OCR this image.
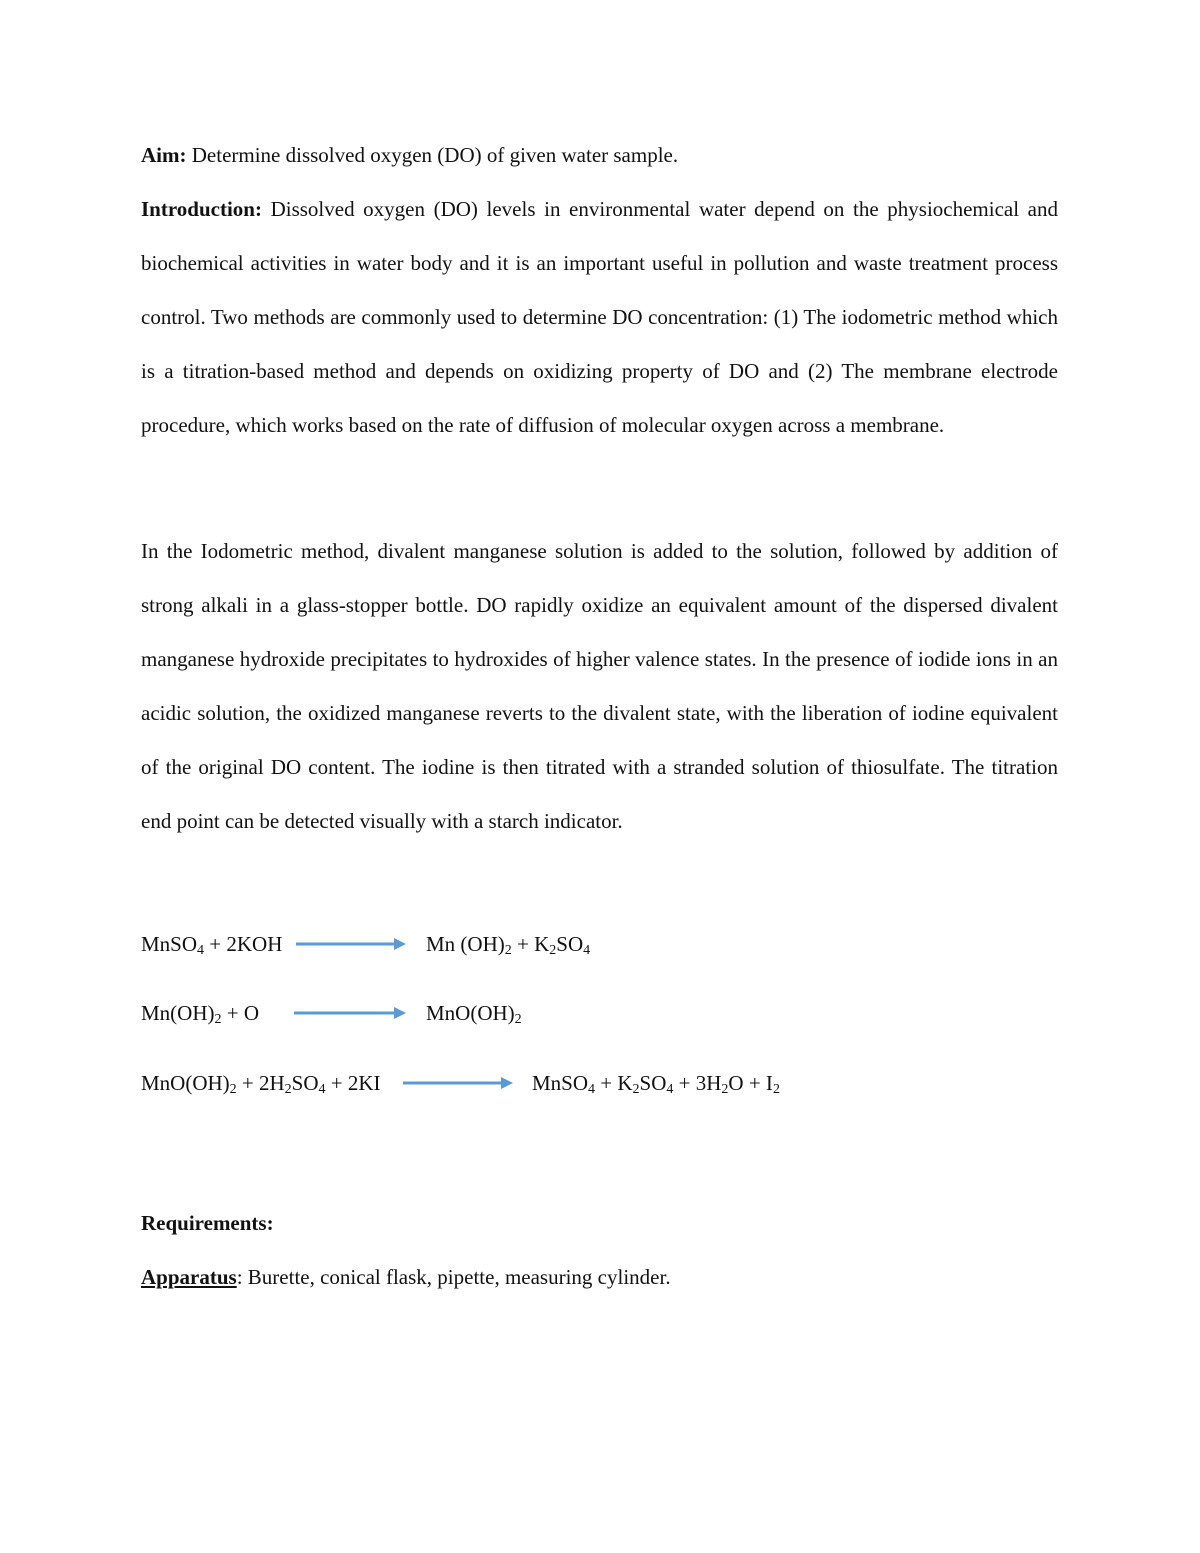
Aim: Determine dissolved oxygen (DO) of given water sample.

Introduction: Dissolved oxygen (DO) levels in environmental water depend on the physiochemical and biochemical activities in water body and it is an important useful in pollution and waste treatment process control. Two methods are commonly used to determine DO concentration: (1) The iodometric method which is a titration-based method and depends on oxidizing property of DO and (2) The membrane electrode procedure, which works based on the rate of diffusion of molecular oxygen across a membrane.

In the Iodometric method, divalent manganese solution is added to the solution, followed by addition of strong alkali in a glass-stopper bottle. DO rapidly oxidize an equivalent amount of the dispersed divalent manganese hydroxide precipitates to hydroxides of higher valence states. In the presence of iodide ions in an acidic solution, the oxidized manganese reverts to the divalent state, with the liberation of iodine equivalent of the original DO content. The iodine is then titrated with a stranded solution of thiosulfate. The titration end point can be detected visually with a starch indicator.

MnSO$_4$ + 2KOH	Mn $(OH)_2 + K_2SO_4$
$Mn(OH)_2 + O$	$MnO(OH)_2$
$MnO(OH)_2 + 2H_2SO_4 + 2KI$	MnSO$_4$ + $K_2SO_4 + 3H_2O + I_2$
Requirements:
Apparatus: Burette, conical flask, pipette, measuring cylinder.
